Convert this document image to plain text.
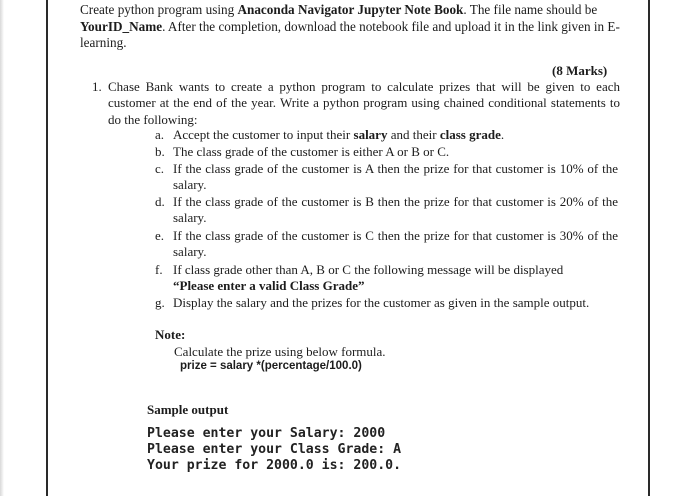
Create python program using Anaconda Navigator Jupyter Note Book. The file name should be YourID_Name. After the completion, download the notebook file and upload it in the link given in E-learning.
(8 Marks)
1. Chase Bank wants to create a python program to calculate prizes that will be given to each customer at the end of the year. Write a python program using chained conditional statements to do the following:
a. Accept the customer to input their salary and their class grade.
b. The class grade of the customer is either A or B or C.
c. If the class grade of the customer is A then the prize for that customer is 10% of the salary.
d. If the class grade of the customer is B then the prize for that customer is 20% of the salary.
e. If the class grade of the customer is C then the prize for that customer is 30% of the salary.
f. If class grade other than A, B or C the following message will be displayed
“Please enter a valid Class Grade”
g. Display the salary and the prizes for the customer as given in the sample output.
Note:
Calculate the prize using below formula.
prize = salary *(percentage/100.0)
Sample output
Please enter your Salary: 2000
Please enter your Class Grade: A
Your prize for 2000.0 is: 200.0.
